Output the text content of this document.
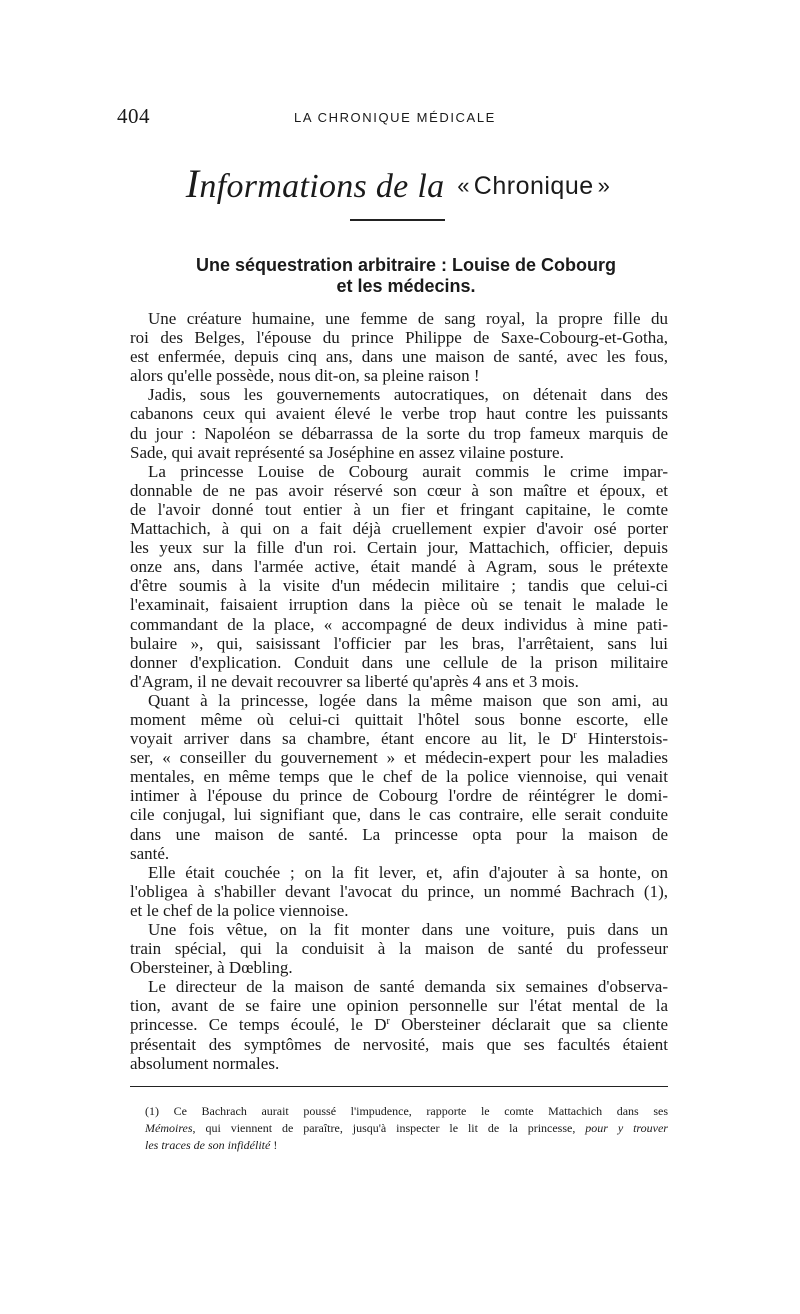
404	LA CHRONIQUE MÉDICALE
Informations de la « Chronique »
Une séquestration arbitraire : Louise de Cobourg
et les médecins.
Une créature humaine, une femme de sang royal, la propre fille du
roi des Belges, l'épouse du prince Philippe de Saxe-Cobourg-et-Gotha,
est enfermée, depuis cinq ans, dans une maison de santé, avec les fous,
alors qu'elle possède, nous dit-on, sa pleine raison !
Jadis, sous les gouvernements autocratiques, on détenait dans des
cabanons ceux qui avaient élevé le verbe trop haut contre les puissants
du jour : Napoléon se débarrassa de la sorte du trop fameux marquis de
Sade, qui avait représenté sa Joséphine en assez vilaine posture.
La princesse Louise de Cobourg aurait commis le crime impar-
donnable de ne pas avoir réservé son cœur à son maître et époux, et
de l'avoir donné tout entier à un fier et fringant capitaine, le comte
Mattachich, à qui on a fait déjà cruellement expier d'avoir osé porter
les yeux sur la fille d'un roi. Certain jour, Mattachich, officier, depuis
onze ans, dans l'armée active, était mandé à Agram, sous le prétexte
d'être soumis à la visite d'un médecin militaire ; tandis que celui-ci
l'examinait, faisaient irruption dans la pièce où se tenait le malade le
commandant de la place, « accompagné de deux individus à mine pati-
bulaire », qui, saisissant l'officier par les bras, l'arrêtaient, sans lui
donner d'explication. Conduit dans une cellule de la prison militaire
d'Agram, il ne devait recouvrer sa liberté qu'après 4 ans et 3 mois.
Quant à la princesse, logée dans la même maison que son ami, au
moment même où celui-ci quittait l'hôtel sous bonne escorte, elle
voyait arriver dans sa chambre, étant encore au lit, le $D^r$ Hinterstois-
ser, « conseiller du gouvernement » et médecin-expert pour les maladies
mentales, en même temps que le chef de la police viennoise, qui venait
intimer à l'épouse du prince de Cobourg l'ordre de réintégrer le domi-
cile conjugal, lui signifiant que, dans le cas contraire, elle serait conduite
dans une maison de santé. La princesse opta pour la maison de
santé.
Elle était couchée ; on la fit lever, et, afin d'ajouter à sa honte, on
l'obligea à s'habiller devant l'avocat du prince, un nommé Bachrach (1),
et le chef de la police viennoise.
Une fois vêtue, on la fit monter dans une voiture, puis dans un
train spécial, qui la conduisit à la maison de santé du professeur
Obersteiner, à Dœbling.
Le directeur de la maison de santé demanda six semaines d'observa-
tion, avant de se faire une opinion personnelle sur l'état mental de la
princesse. Ce temps écoulé, le $D^r$ Obersteiner déclarait que sa cliente
présentait des symptômes de nervosité, mais que ses facultés étaient
absolument normales.
(1) Ce Bachrach aurait poussé l'impudence, rapporte le comte Mattachich dans ses
Mémoires, qui viennent de paraître, jusqu'à inspecter le lit de la princesse, pour y trouver
les traces de son infidélité !
